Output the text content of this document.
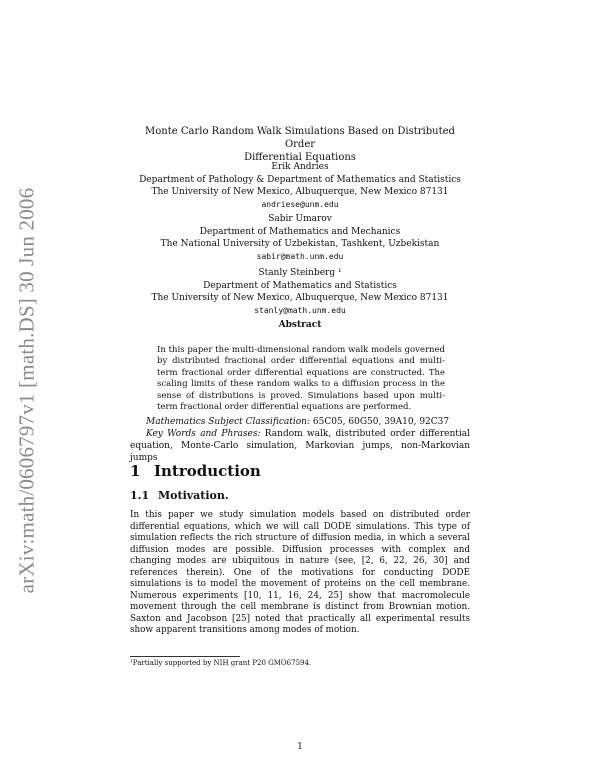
arXiv:math/0606797v1 [math.DS] 30 Jun 2006
Monte Carlo Random Walk Simulations Based on Distributed Order
Differential Equations
Erik Andries
Department of Pathology & Department of Mathematics and Statistics
The University of New Mexico, Albuquerque, New Mexico 87131
andriese@unm.edu
Sabir Umarov
Department of Mathematics and Mechanics
The National University of Uzbekistan, Tashkent, Uzbekistan
sabir@math.unm.edu
Stanly Steinberg ¹
Department of Mathematics and Statistics
The University of New Mexico, Albuquerque, New Mexico 87131
stanly@math.unm.edu
Abstract

In this paper the multi-dimensional random walk models governed by distributed fractional order differential equations and multi-term fractional order differential equations are constructed. The scaling limits of these random walks to a diffusion process in the sense of distributions is proved. Simulations based upon multi-term fractional order differential equations are performed.

Mathematics Subject Classification: 65C05, 60G50, 39A10, 92C37

Key Words and Phrases: Random walk, distributed order differential equation, Monte-Carlo simulation, Markovian jumps, non-Markovian jumps

1 Introduction
1.1 Motivation.

In this paper we study simulation models based on distributed order differential equations, which we will call DODE simulations. This type of simulation reflects the rich structure of diffusion media, in which a several diffusion modes are possible. Diffusion processes with complex and changing modes are ubiquitous in nature (see, [2, 6, 22, 26, 30] and references therein). One of the motivations for conducting DODE simulations is to model the movement of proteins on the cell membrane. Numerous experiments [10, 11, 16, 24, 25] show that macromolecule movement through the cell membrane is distinct from Brownian motion. Saxton and Jacobson [25] noted that practically all experimental results show apparent transitions among modes of motion.

¹Partially supported by NIH grant P20 GMO67594.
1
